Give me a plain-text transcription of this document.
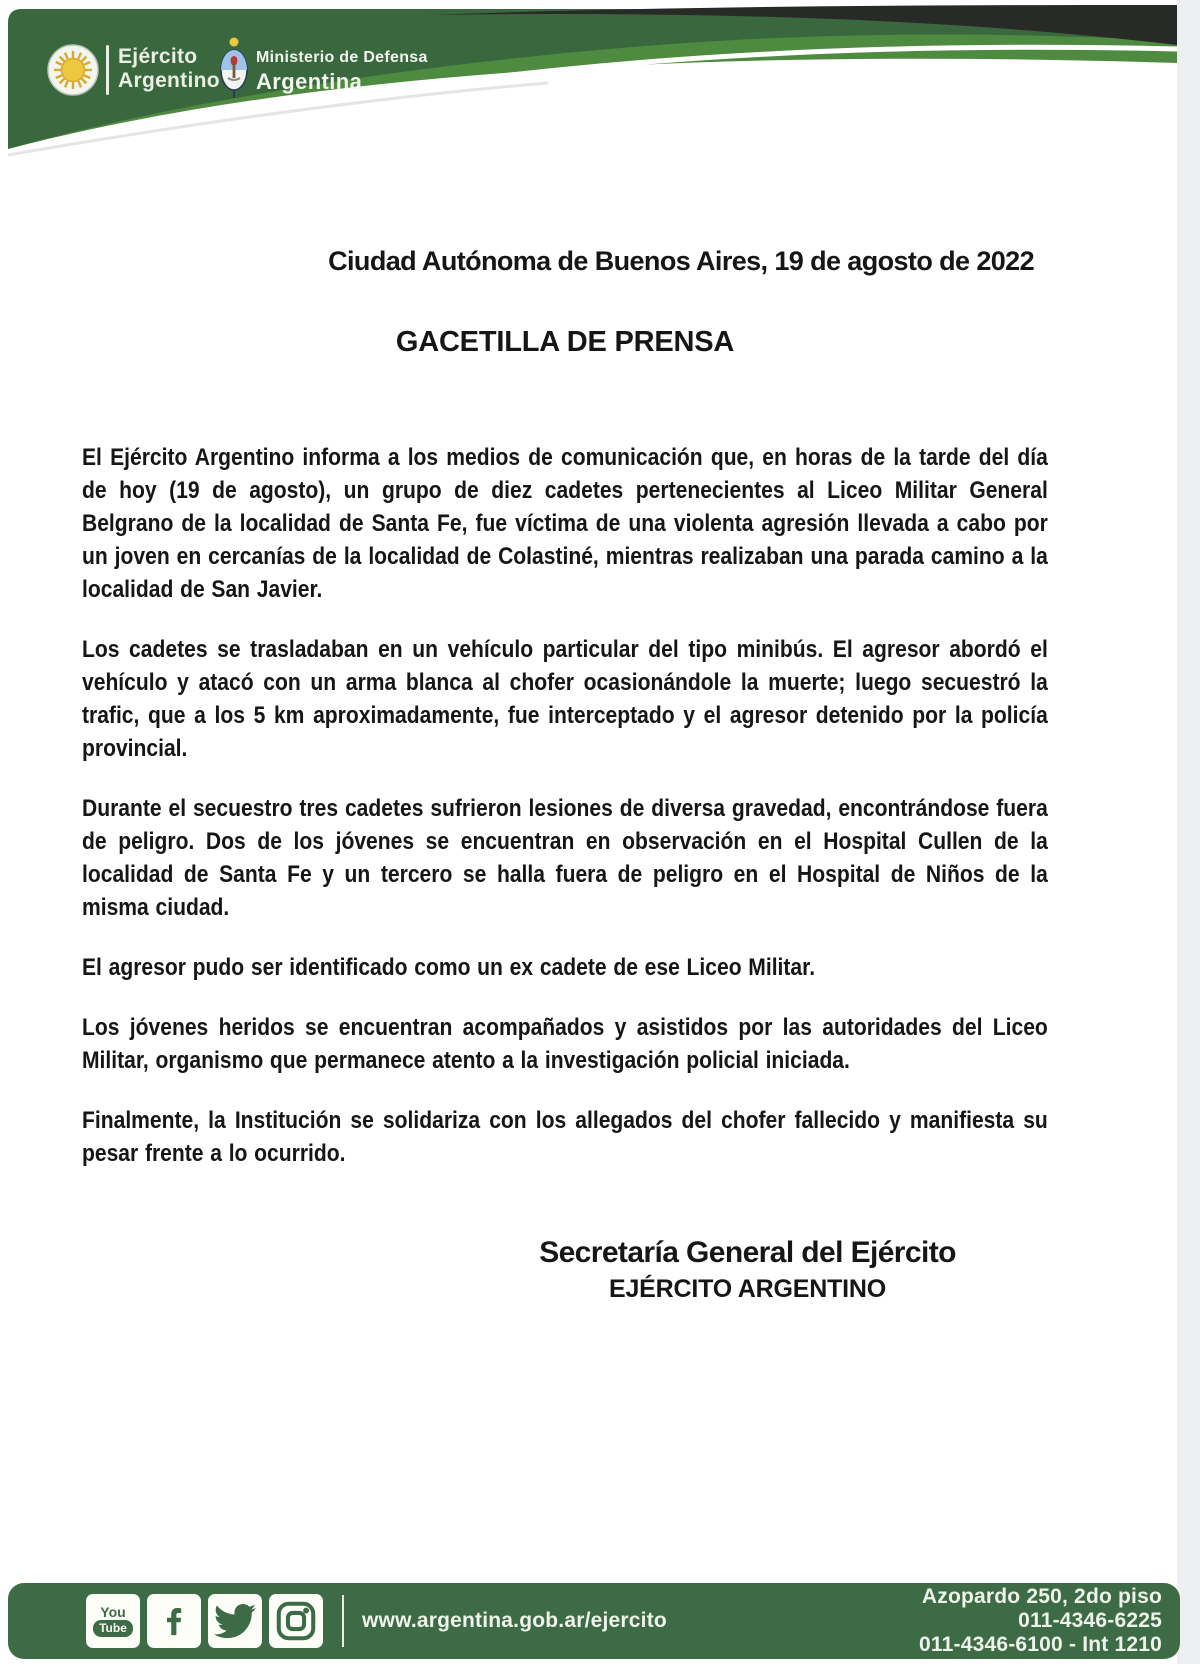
Ejército
Argentino
Ministerio de Defensa
Argentina
Ciudad Autónoma de Buenos Aires, 19 de agosto de 2022
GACETILLA DE PRENSA

El Ejército Argentino informa a los medios de comunicación que, en horas de la tarde del día de hoy (19 de agosto), un grupo de diez cadetes pertenecientes al Liceo Militar General Belgrano de la localidad de Santa Fe, fue víctima de una violenta agresión llevada a cabo por un joven en cercanías de la localidad de Colastiné, mientras realizaban una parada camino a la localidad de San Javier.

Los cadetes se trasladaban en un vehículo particular del tipo minibús. El agresor abordó el vehículo y atacó con un arma blanca al chofer ocasionándole la muerte; luego secuestró la trafic, que a los 5 km aproximadamente, fue interceptado y el agresor detenido por la policía provincial.

Durante el secuestro tres cadetes sufrieron lesiones de diversa gravedad, encontrándose fuera de peligro. Dos de los jóvenes se encuentran en observación en el Hospital Cullen de la localidad de Santa Fe y un tercero se halla fuera de peligro en el Hospital de Niños de la misma ciudad.

El agresor pudo ser identificado como un ex cadete de ese Liceo Militar.

Los jóvenes heridos se encuentran acompañados y asistidos por las autoridades del Liceo Militar, organismo que permanece atento a la investigación policial iniciada.

Finalmente, la Institución se solidariza con los allegados del chofer fallecido y manifiesta su pesar frente a lo ocurrido.

Secretaría General del Ejército
EJÉRCITO ARGENTINO
You
Tube	www.argentina.gob.ar/ejercito
Azopardo 250, 2do piso
011-4346-6225
011-4346-6100 - Int 1210
